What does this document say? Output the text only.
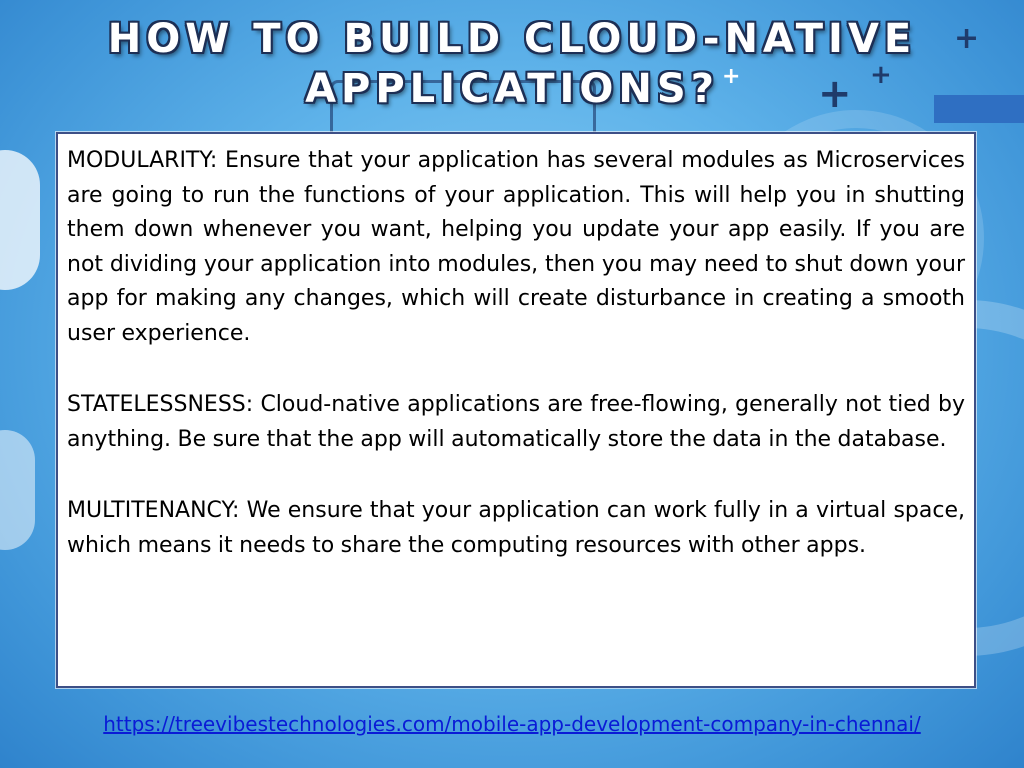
+
+
+
+
HOW TO BUILD CLOUD-NATIVE
APPLICATIONS?

MODULARITY: Ensure that your application has several modules as Microservices are going to run the functions of your application. This will help you in shutting them down whenever you want, helping you update your app easily. If you are not dividing your application into modules, then you may need to shut down your app for making any changes, which will create disturbance in creating a smooth user experience.

STATELESSNESS: Cloud-native applications are free-flowing, generally not tied by anything. Be sure that the app will automatically store the data in the database.

MULTITENANCY: We ensure that your application can work fully in a virtual space, which means it needs to share the computing resources with other apps.

https://treevibestechnologies.com/mobile-app-development-company-in-chennai/
